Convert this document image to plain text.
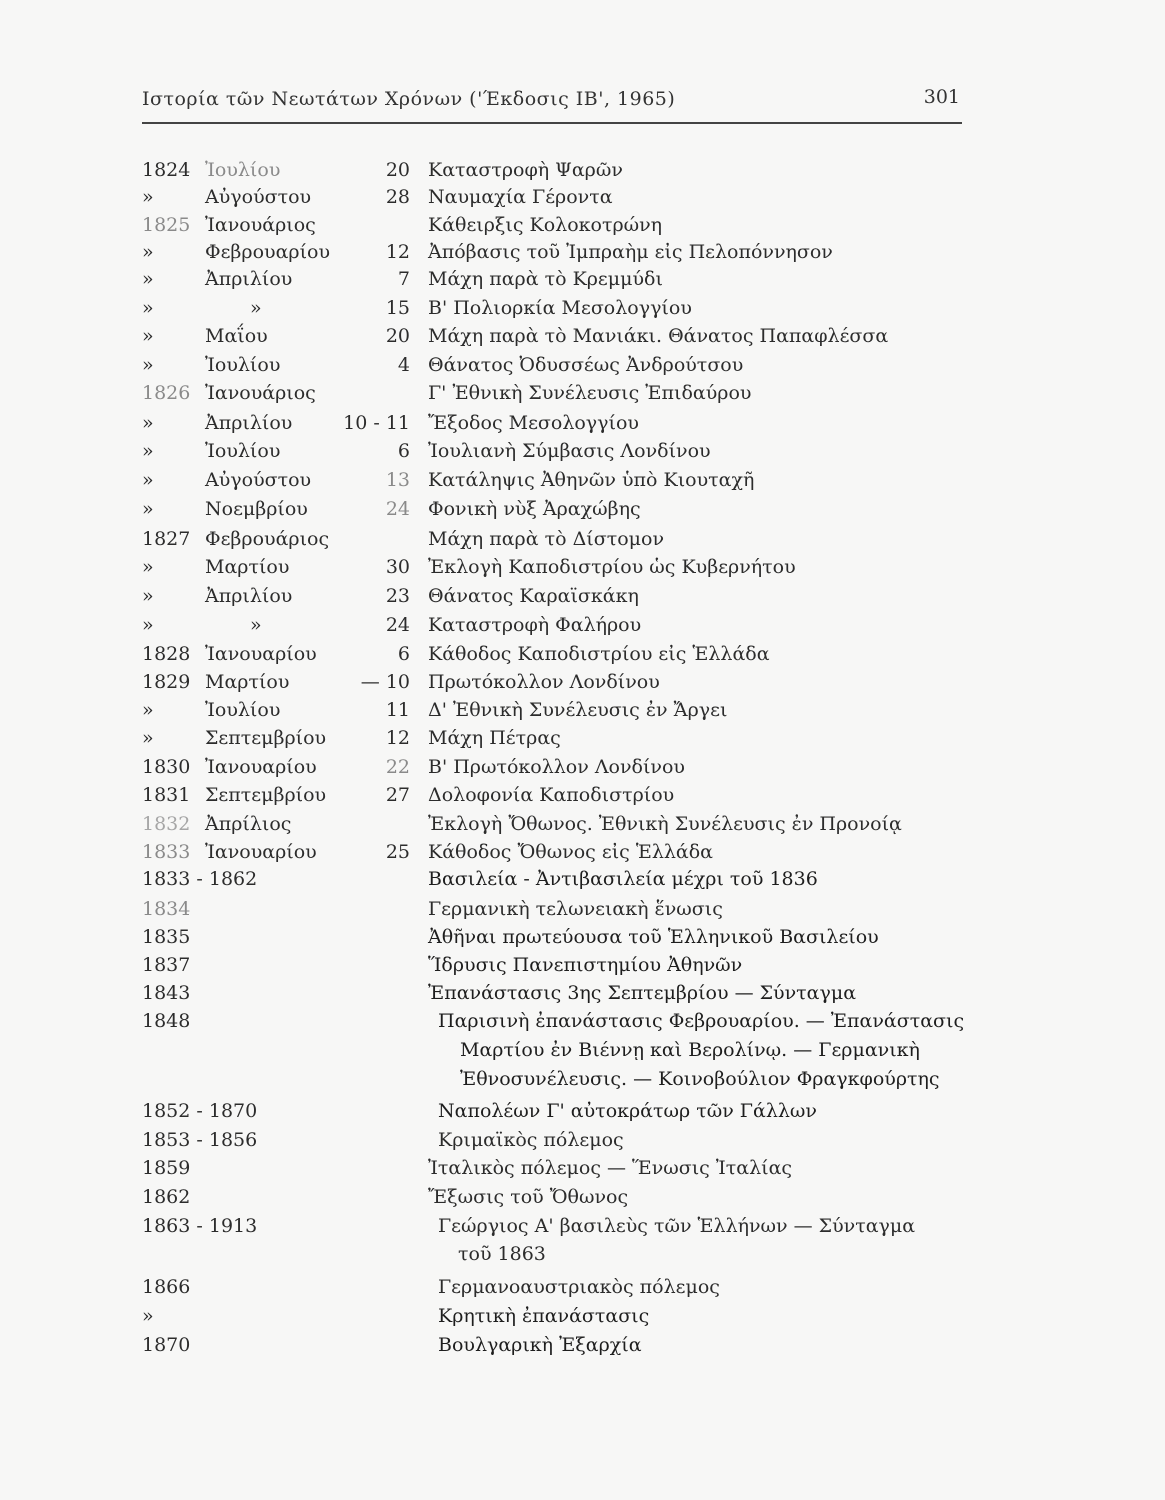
Ιστορία τῶν Νεωτάτων Χρόνων ('Έκδοσις ΙΒ', 1965)	301
1824 Ἰουλίου	20 Καταστροφὴ Ψαρῶν
»	Αὐγούστου	28 Ναυμαχία Γέροντα
1825 Ἰανουάριος	Κάθειρξις Κολοκοτρώνη
»	Φεβρουαρίου	12 Ἀπόβασις τοῦ Ἰμπραὴμ εἰς Πελοπόννησον
»	Ἀπριλίου	7 Μάχη παρὰ τὸ Κρεμμύδι
»	»	15 Β' Πολιορκία Μεσολογγίου
»	Μαΐου	20 Μάχη παρὰ τὸ Μανιάκι. Θάνατος Παπαφλέσσα
»	Ἰουλίου	4 Θάνατος Ὀδυσσέως Ἀνδρούτσου
1826 Ἰανουάριος	Γ' Ἐθνικὴ Συνέλευσις Ἐπιδαύρου
»	Ἀπριλίου	10 - 11 Ἔξοδος Μεσολογγίου
»	Ἰουλίου	6 Ἰουλιανὴ Σύμβασις Λονδίνου
»	Αὐγούστου	13 Κατάληψις Ἀθηνῶν ὑπὸ Κιουταχῆ
»	Νοεμβρίου	24 Φονικὴ νὺξ Ἀραχώβης
1827 Φεβρουάριος	Μάχη παρὰ τὸ Δίστομον
»	Μαρτίου	30 Ἐκλογὴ Καποδιστρίου ὡς Κυβερνήτου
»	Ἀπριλίου	23 Θάνατος Καραϊσκάκη
»	»	24 Καταστροφὴ Φαλήρου
1828 Ἰανουαρίου	6 Κάθοδος Καποδιστρίου εἰς Ἑλλάδα
1829 Μαρτίου	— 10 Πρωτόκολλον Λονδίνου
»	Ἰουλίου	11 Δ' Ἐθνικὴ Συνέλευσις ἐν Ἄργει
»	Σεπτεμβρίου	12 Μάχη Πέτρας
1830 Ἰανουαρίου	22 Β' Πρωτόκολλον Λονδίνου
1831 Σεπτεμβρίου	27 Δολοφονία Καποδιστρίου
1832 Ἀπρίλιος	Ἐκλογὴ Ὄθωνος. Ἐθνικὴ Συνέλευσις ἐν Προνοίᾳ
1833 Ἰανουαρίου	25 Κάθοδος Ὄθωνος εἰς Ἑλλάδα
1833 - 1862	Βασιλεία - Ἀντιβασιλεία μέχρι τοῦ 1836
1834	Γερμανικὴ τελωνειακὴ ἕνωσις
1835	Ἀθῆναι πρωτεύουσα τοῦ Ἑλληνικοῦ Βασιλείου
1837	Ἵδρυσις Πανεπιστημίου Ἀθηνῶν
1843	Ἐπανάστασις 3ης Σεπτεμβρίου — Σύνταγμα
1848	Παρισινὴ ἐπανάστασις Φεβρουαρίου. — Ἐπανάστασις
Μαρτίου ἐν Βιέννῃ καὶ Βερολίνῳ. — Γερμανικὴ
Ἐθνοσυνέλευσις. — Κοινοβούλιον Φραγκφούρτης
1852 - 1870	Ναπολέων Γ' αὐτοκράτωρ τῶν Γάλλων
1853 - 1856	Κριμαϊκὸς πόλεμος
1859	Ἰταλικὸς πόλεμος — Ἕνωσις Ἰταλίας
1862	Ἔξωσις τοῦ Ὄθωνος
1863 - 1913	Γεώργιος Α' βασιλεὺς τῶν Ἑλλήνων — Σύνταγμα
τοῦ 1863
1866	Γερμανοαυστριακὸς πόλεμος
»	Κρητικὴ ἐπανάστασις
1870	Βουλγαρικὴ Ἐξαρχία
